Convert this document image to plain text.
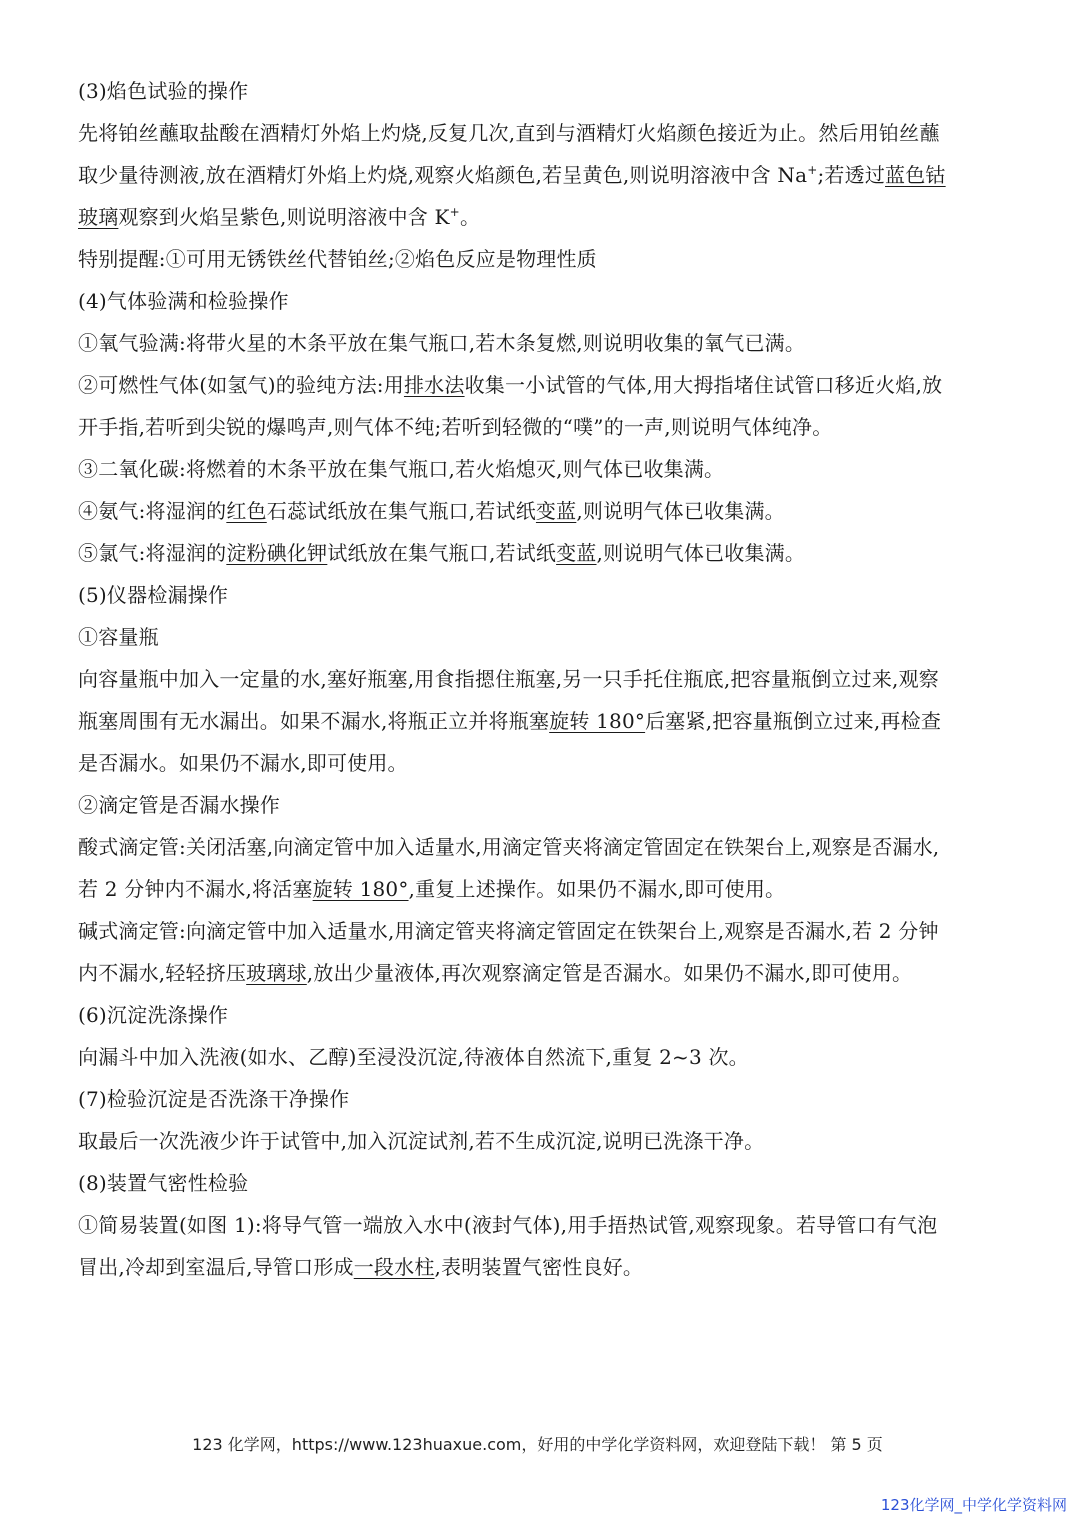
(3)焰色试验的操作
先将铂丝蘸取盐酸在酒精灯外焰上灼烧,反复几次,直到与酒精灯火焰颜色接近为止。然后用铂丝蘸
取少量待测液,放在酒精灯外焰上灼烧,观察火焰颜色,若呈黄色,则说明溶液中含 Na+;若透过蓝色钴
玻璃观察到火焰呈紫色,则说明溶液中含 K+。
特别提醒:①可用无锈铁丝代替铂丝;②焰色反应是物理性质
(4)气体验满和检验操作
①氧气验满:将带火星的木条平放在集气瓶口,若木条复燃,则说明收集的氧气已满。
②可燃性气体(如氢气)的验纯方法:用排水法收集一小试管的气体,用大拇指堵住试管口移近火焰,放
开手指,若听到尖锐的爆鸣声,则气体不纯;若听到轻微的“噗”的一声,则说明气体纯净。
③二氧化碳:将燃着的木条平放在集气瓶口,若火焰熄灭,则气体已收集满。
④氨气:将湿润的红色石蕊试纸放在集气瓶口,若试纸变蓝,则说明气体已收集满。
⑤氯气:将湿润的淀粉碘化钾试纸放在集气瓶口,若试纸变蓝,则说明气体已收集满。
(5)仪器检漏操作
①容量瓶
向容量瓶中加入一定量的水,塞好瓶塞,用食指摁住瓶塞,另一只手托住瓶底,把容量瓶倒立过来,观察
瓶塞周围有无水漏出。如果不漏水,将瓶正立并将瓶塞旋转 180°后塞紧,把容量瓶倒立过来,再检查
是否漏水。如果仍不漏水,即可使用。
②滴定管是否漏水操作
酸式滴定管:关闭活塞,向滴定管中加入适量水,用滴定管夹将滴定管固定在铁架台上,观察是否漏水,
若 2 分钟内不漏水,将活塞旋转 180°,重复上述操作。如果仍不漏水,即可使用。
碱式滴定管:向滴定管中加入适量水,用滴定管夹将滴定管固定在铁架台上,观察是否漏水,若 2 分钟
内不漏水,轻轻挤压玻璃球,放出少量液体,再次观察滴定管是否漏水。如果仍不漏水,即可使用。
(6)沉淀洗涤操作
向漏斗中加入洗液(如水、乙醇)至浸没沉淀,待液体自然流下,重复 2~3 次。
(7)检验沉淀是否洗涤干净操作
取最后一次洗液少许于试管中,加入沉淀试剂,若不生成沉淀,说明已洗涤干净。
(8)装置气密性检验
①简易装置(如图 1):将导气管一端放入水中(液封气体),用手捂热试管,观察现象。若导管口有气泡
冒出,冷却到室温后,导管口形成一段水柱,表明装置气密性良好。
123 化学网，https://www.123huaxue.com，好用的中学化学资料网，欢迎登陆下载！ 第 5 页
123化学网_中学化学资料网
